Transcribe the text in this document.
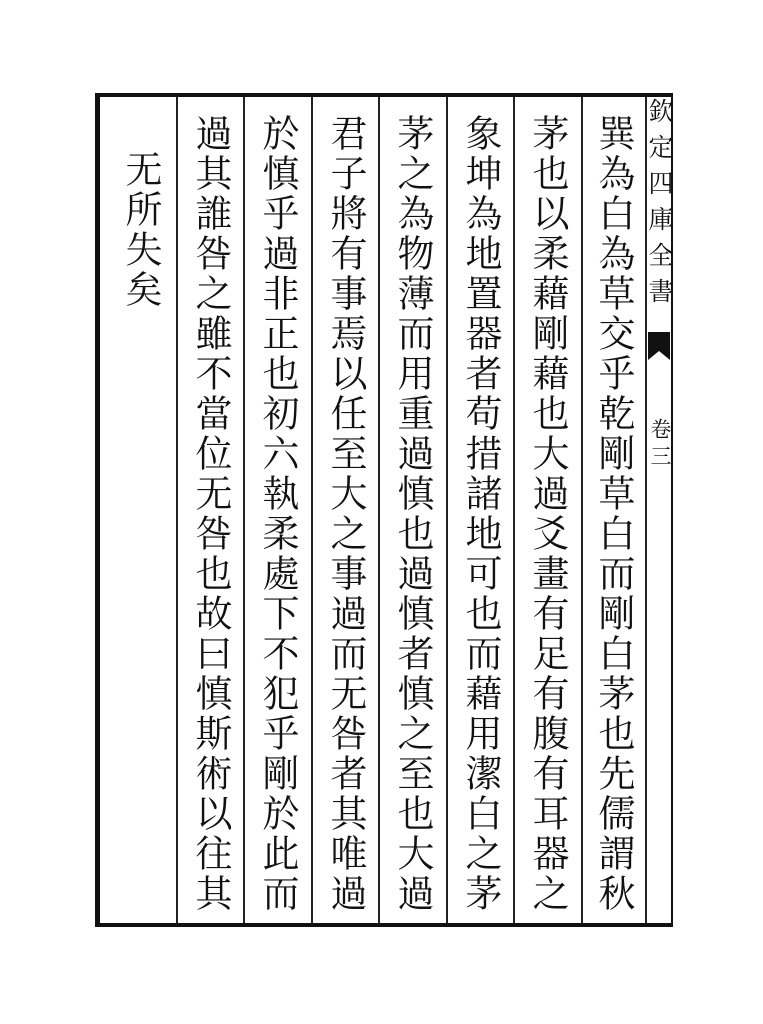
欽定四庫全書
卷三
巽為白為草交乎乾剛草白而剛白茅也先儒謂秋
茅也以柔藉剛藉也大過爻畫有足有腹有耳器之
象坤為地置器者苟措諸地可也而藉用潔白之茅
茅之為物薄而用重過慎也過慎者慎之至也大過
君子將有事焉以任至大之事過而无咎者其唯過
於慎乎過非正也初六執柔處下不犯乎剛於此而
過其誰咎之雖不當位无咎也故曰慎斯術以往其
无所失矣
